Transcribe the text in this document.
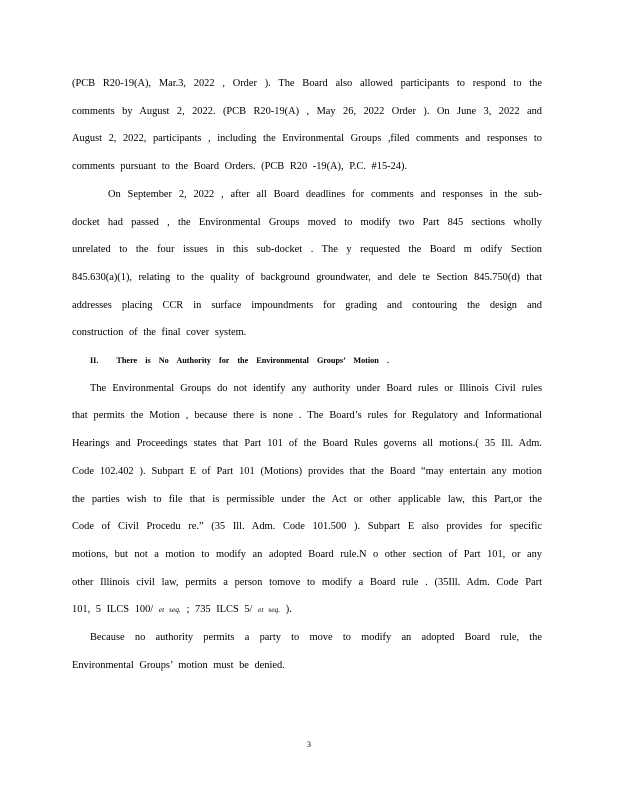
(PCB R20-19(A), Mar.3, 2022 , Order ). The Board also allowed participants to respond to the comments by August 2, 2022. (PCB R20-19(A) , May 26, 2022 Order ). On June 3, 2022 and August 2, 2022, participants , including the Environmental Groups ,filed comments and responses to comments pursuant to the Board Orders. (PCB R20 -19(A), P.C. #15-24).

On September 2, 2022 , after all Board deadlines for comments and responses in the sub-docket had passed , the Environmental Groups moved to modify two Part 845 sections wholly unrelated to the four issues in this sub-docket . The y requested the Board m odify Section 845.630(a)(1), relating to the quality of background groundwater, and dele te Section 845.750(d) that addresses placing CCR in surface impoundments for grading and contouring the design and construction of the final cover system.

II. There is No Authority for the Environmental Groups’ Motion .

The Environmental Groups do not identify any authority under Board rules or Illinois Civil rules that permits the Motion , because there is none . The Board’s rules for Regulatory and Informational Hearings and Proceedings states that Part 101 of the Board Rules governs all motions.( 35 Ill. Adm. Code 102.402 ). Subpart E of Part 101 (Motions) provides that the Board “may entertain any motion the parties wish to file that is permissible under the Act or other applicable law, this Part,or the Code of Civil Procedu re.” (35 Ill. Adm. Code 101.500 ). Subpart E also provides for specific motions, but not a motion to modify an adopted Board rule.N o other section of Part 101, or any other Illinois civil law, permits a person tomove to modify a Board rule . (35Ill. Adm. Code Part 101, 5 ILCS 100/ et seq. ; 735 ILCS 5/ et seq. ).

Because no authority permits a party to move to modify an adopted Board rule, the Environmental Groups’ motion must be denied.

3
